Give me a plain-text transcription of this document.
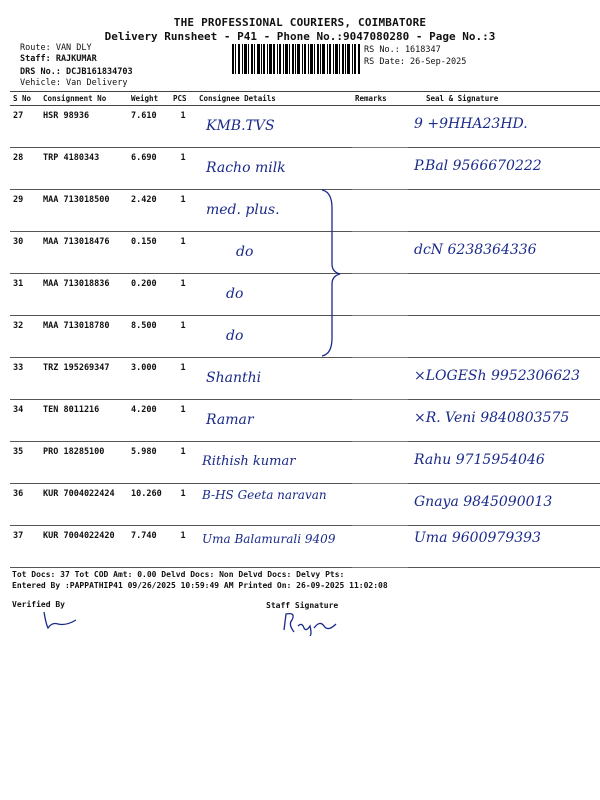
THE PROFESSIONAL COURIERS, COIMBATORE
Delivery Runsheet - P41 - Phone No.:9047080280 - Page No.:3
Route: VAN DLY
Staff: RAJKUMAR
DRS No.: DCJB161834703
Vehicle: Van Delivery
RS No.: 1618347
RS Date: 26-Sep-2025
S No	Consignment No	Weight	PCS	Consignee Details	Remarks	Seal & Signature
27	HSR 98936	7.610	1	KMB.TVS		9 +9HHA23HD.

28	TRP 4180343	6.690	1	Racho milk		P.Bal 9566670222

29	MAA 713018500	2.420	1	med. plus.		

30	MAA 713018476	0.150	1	do		dcN 6238364336

31	MAA 713018836	0.200	1	do		

32	MAA 713018780	8.500	1	do		

33	TRZ 195269347	3.000	1	Shanthi		×LOGESh 9952306623

34	TEN 8011216	4.200	1	Ramar		×R. Veni 9840803575

35	PRO 18285100	5.980	1	Rithish kumar		Rahu 9715954046

36	KUR 7004022424	10.260	1	B-HS Geeta naravan		Gnaya 9845090013

37	KUR 7004022420	7.740	1	Uma Balamurali 9409		Uma 9600979393
Tot Docs: 37 Tot COD Amt: 0.00 Delvd Docs: Non Delvd Docs: Delvy Pts:
Entered By :PAPPATHIP41 09/26/2025 10:59:49 AM Printed On: 26-09-2025 11:02:08
Verified By	Staff Signature
